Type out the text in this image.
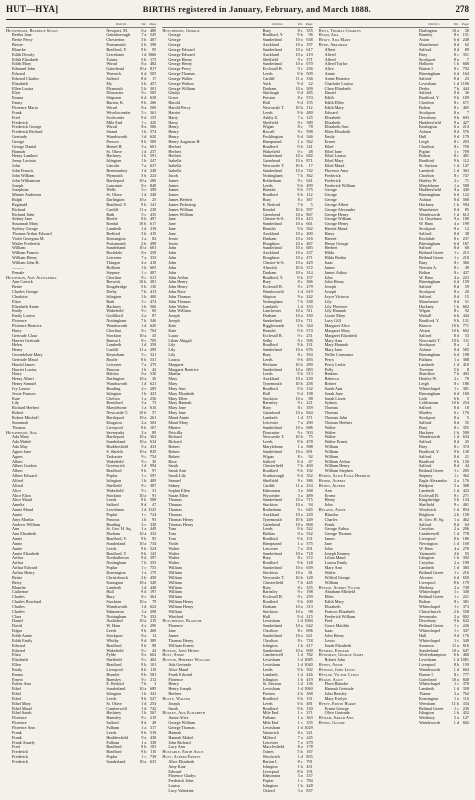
HUT—HYA]	BIRTHS registered in January, February, and March 1888.	278
District.	Vol. Page
Hutchinson, Beatrice Susan	Newport, M.	6 a 486
Bertha Jane	Gainsborough	7 a 545
Bertie Percy	Chesterton	3 b 467
Bessie	Portsmouth	2 b 398
Blanche	Bradford, Y.	9 b	95
Edith Dowdy	Lewisham	1 d 1066
Edith Elizabeth	Totnes	5 b 175
Edith Mary	Wirral	8 a 482
Edmund John	Gateshead	10 a 817
Edward	Warwick	6 d 505
Edward Charles	Salford	8 d	17
Elizabeth	Ely	3 b 457
Ellen Louisa	Plymouth	5 b 301
Elsie	Doncaster	9 c 505
Emma	Shipston	6 d 638
Fanny	Burton, K.	9 b 266
Florence Maria	Wirral	8 a 506
Frank	Wiveliscombe	5 c 361
Fred	Sculcoates	9 d 155
Frederick	Mile End	1 c 420
Frederick George	Wirral	8 a 566
Frederick Richard	Strand	1 b 574
Gertrude	Wandsworth	1 d 620
George	Prescot	8 b 509
George Daniel	Hemel H.	3 a 601
Hannah	St. Olave	1 d 237
Henry Lambert	Hackney	1 b 591
Jenny Lavinia	Islington	1 b 247
John	Lincoln	7 a 637
John Francis	Bermondsey	1 d 248
John William	Plymouth	5 b 224
John Williamson	Hartlepool	10 a 286
Joseph	Lancaster	8 e 848
Josephine	Wells	5 c 398
Minnie Anderson	St. Olave	1 d 248
Ralph	Darlington	10 a	25
Reginald	Bradford, Y.	9 b 141
Richard	Cardiff	11 a 238
Richard John	Bath	5 c 435
Sidney Jane	Bootle	8 b 497
Susannah Mary	Kendal	10 b 617
Sydney George	Lambeth	1 d 318
Thomas Arthur Edward	Bedford	3 b 419
Violet Georgina M.	Kensington	1 a	82
Walter Frederick	Portsmouth	2 b 498
William	Sunderland	10 a 601
William Francis	Rochdale	8 e 258
William Henry	Leicester	7 a 333
William John H.	Thingoe	4 a 418
———	Holborn	1 b 605
Female	Stepney	1 c 407
Hutchison, Amy Alexandra	Chorlton	8 c 611
Ann Carrick	Berwick	10 b 381
Bertie	Kingsbridge	5 b 136
Charles George	Derby	7 b 413
Charlotte	Islington	1 b 400
Eliza	Bath	5 c 474
Elizabeth Annie	Hackney	1 b 566
Emily	Wakefield	9 c	69
Emily Louisa	Guildford	2 a	87
Florence	Nottingham	7 b 346
Florence Beatrice	Wandsworth	1 d 620
Harry	Chorlton	8 c 704
Gertrude Clara	Stockton	10 a	45
Harriet Gertrude	Barton I.	8 c 709
Helen	Lambeth	1 d 358
Henry	Cardiff	11 a 299
Gwendoline Mary	Keynsham	5 c 321
Gertrude Maud	Bootle	8 b 541
Harold James	Leicester	7 a 279
Harriet Louisa	Pancras	1 b	42
Harry	Halifax	9 a 536
Henry Albert	Darlington	10 a	36
Henry Samuel	Wandsworth	1 d 621
Ivy Louise	Reading	2 c 285
Jessie Frances	Islington	1 b 423
Kate	Chelsea	1 a 256
Lily	Brentford	3 a	73
Richard Herbert	Marylebone	1 a 610
Robert	Newcastle T.	10 b	57
Robert Mitchell	Hartlepool	10 a 261
Susannah	Kingston	2 a 302
Thomas	Liverpool	8 b 167
Hutchinson, Ada	Sevenoaks	2 a	89
Ada Mary	Hartlepool	10 a 302
Ada Mabel	Sunderland	10 a 634
Ada May	Huddersfield	9 a 433
Agnes Jane	S. Shields	10 a 829
Agnes	Tadcaster	9 c 754
Albert	Wakefield	9 c	36
Albert Gordon	Greenwich	1 d 994
Albert	Bradford	9 b	97
Albert Edward	Poplar	1 c 597
Alfred	Islington	1 b 409
Alfred	Sheffield	9 c 387
Alice	Wakefield	9 c	31
Alice Eliza	Stockton	10 a	91
Alice Maud	Leeds	9 b 508
Amelia	Salford	8 d	47
Annie Maud	Lewisham	1 d 1125
Annie	Poplar	1 c 724
Amy Martha	Pancras	1 b	93
Andrew William	Reading	2 c 338
Ann	St. Geo. H. Sq.	1 a 449
Ann Elizabeth	Durham	10 a 332
Annie	Bradford, Y.	9 b	95
Annie	Sunderland	10 a 734
Annie	Leeds	9 b 524
Annie Elizabeth	Bradford, Y.	9 b 143
Arthur	Northallerton	9 d 397
Arthur	Nottingham	7 b 355
Arthur Edward	Poplar	1 c 753
Arthur Henry	Kensington	1 a 179
Bertie	Christchurch	2 b 458
Betsy	Easington	10 a 348
Blanche	Lambeth	1 d 448
Catherine	Hull	9 d 197
Charles	Bury	8 c 362
Charles Rowland	Stockton	10 a	79
Charles	Wandsworth	1 d 622
Charles	Edmonton	3 a 298
Clara	Nottingham	7 b 352
Daniel	Auckland	10 a 219
David	W. Ham	4 a 290
Edgar	Leeds	9 b 468
Edith Annie	Stockport	8 a	12
Edith Emily	Whitby	9 d 389
Edward	Bradford	9 b	98
Edward	Wakefield	9 c	42
Eliza	Fylde	8 e 662
Elizabeth	Sheffield	9 c 402
Ellen	Bradford	9 b 101
Emily	Liverpool	8 b 118
Emma	Hunslet	9 b 581
Ernest	Barnsley	9 c 212
Esther Ann	E. Retford	7 b	3
Ethel	Sunderland	10 a 689
Ethel	Islington	1 b 341
Ethel	Leeds	9 b 527
Ethel Mary	St. Olave	1 d 254
Ethel Maud	Camberwell	1 d 742
Ethel Sarah	Hackney	1 b 567
Florence	Barnsley	9 c 219
Florence	Salford	8 d	48
Florence Ann	Fulham	1 a 317
Frank	Leeds	9 b 518
Frank	Huddersfield	9 a 438
Frank Annely	Fulham	1 a 338
Fred	Bradford	9 b 103
Frederick	Bradford	9 b 110
Frederick	Poplar	1 c 738
Frederick	Sunderland	10 a 633
District.	Vol. Page
Hutchinson, George	Bury	8 c 355
George	Bradford, Y.	9 b	96
George	Sunderland	10 a 638
George	Auckland	10 a 197
George Edward	Sunderland	10 a 617
George Edward	Auckland	10 a 219
George Henry	Sheffield	9 c 371
George Henry	Sunderland	10 a 670
George Percy	Ecclesall B.	9 c 256
George Thomas	Leeds	9 b 509
George Walter	Cardiff	11 a 336
George Walton	York	9 d	22
George William	Durham	10 a 309
Gladys	Skirlaugh	9 d 285
Grace	Preston	8 e 574
Harold	Hull	9 d 155
Harold Percy	Newcastle T.	10 b 112
Harriet	Leeds	9 b 480
Harry	Ashby Z.	7 a 125
Harry	Sheffield	9 c 389
Henry	Wigan	8 c	78
Henry	Riccall	9 c 598
Henry	Pocklington	9 d 346
Henry Augustus H.	Hampstead	1 a 562
Herbert	Bradford	9 b 141
Herbert	Wakefield	9 c	48
Herbert	Sunderland	10 a 682
Isabella	Gateshead	10 a 871
Isabella	Newcastle T.	10 b	17
Isabella	Sunderland	10 a 742
Jacob	Nottingham	7 b 362
James	Rotherham	9 c 641
James	Leeds	9 b 499
James	Hunslet	9 b 575
James	Bradford	9 b 112
James Herbert	Bury	8 c 367
James Pickering	E. Retford	7 b	5
James William	Kendal	10 b 597
James William	Gateshead	10 a 867
Jane	Chester-le-S.	10 a 423
Jane	Sunderland	10 a 661
Jane	Hunslet	9 b 562
Jane	Auckland	10 a 200
Jessie	Durham	10 a 316
Jessie	Houghton	10 a 467
John	Sunderland	10 a 683
John	Auckland	10 a 237
John	Houghton	10 a 471
John	Chester-le-S.	10 a 429
John	Alnwick	10 b 372
John	Durham	10 a 314
John Arthur	Bradford, Y.	9 b 157
John Henry	Bury	8 c 366
John Henry	Ecclesall B.	9 c 279
John Rose	Wandsworth	1 d 619
John Thomas	Skipton	9 a 242
John Thomas	Nottingham	7 b 338
John Walter	Lambeth	1 d 353
John William	Lanchester	10 a 511
Joseph	Durham	10 a 330
Joseph	Sunderland	10 a 711
Kate	Biggleswade	3 b 344
Kate	Hunslet	9 b 574
Laura	Ecclesall B.	9 c 251
Lilian Abigail	Selby	9 c 596
Lily	Bradford	9 b 131
Lily	Sunderland	10 a 676
Lily	Bury	8 c 354
Louisa	Leeds	9 b 493
Margaret	Hexham	10 b 289
Margaret Beatrice	Sunderland	10 a 683
Martha	Leeds	9 b 513
Mary	Auckland	10 a 230
Mary	Tynemouth	10 b 258
Mary Ann	Bradford	9 b 132
Mary Elizabeth	Hull	9 d 198
Mary Ellen	Stockton	10 a	88
Mary Hannah	Barnsley	9 c 221
Mary Jane	Bury	8 c 359
Mary Jane	Gateshead	10 a 844
Maud Annie	Lambeth	1 d 371
Maud Mary	Leicester	7 a 290
Minnie	Sunderland	10 a 686
Priscilla	Doncaster	9 c 503
Richard	Newcastle T.	10 b	75
Richard	Leeds	9 b 478
Robert	Marylebone	1 a 588
Robert	Sunderland	10 a 691
Robert	Wigan	8 c	92
Rose	Salford	8 d	47
Sarah	Chesterfield	7 b 469
Sarah Ann	Bradford	9 b 102
Sarah Lily	Scarborough	9 d 352
Samuel	Sheffield	9 c 386
Sidney	Cardiff	11 a 254
Sophia Ellen	Edmonton	3 a 368
Susan Ellen	Wycombe	3 a 489
Thomas	Sunderland	10 a 715
Thomas	Stockton	10 a	94
Thomas	Rotherham	9 c 645
Thomas	Auckland	10 a 229
Thomas Henry	Tynemouth	10 b 249
Thomas Henry	Gateshead	10 a 868
Tom	Leeds	9 b 522
Tom	Halifax	9 a 532
Tom	Bradford	9 b 151
Violet	Hampstead	1 a 575
Walter	Leicester	7 a 291
Walter	Sunderland	10 a 718
Walter	Bury	8 c 372
Walter	Bradford	9 b 128
William	Sunderland	10 a 639
William	Stockton	10 a	81
William	Newcastle T.	10 b 128
William	Chesterfield	7 b 445
William	Bury	8 c 355
William	Barnsley	9 c 198
William	Ecclesall B.	9 c 259
William Henry	Bradford	9 b 100
William Henry	Durham	10 a 313
William	Stockton	10 a	98
Winifred	Hull	9 d 215
Hutchinson, Blanche	Lewisham	1 d 1084
Florence	Sunderland	10 a 642
Jane	Chorlton	8 c 696
James	Sunderland	10 a 621
Thomas Henry	Chorlton	8 c 718
William Ernest	Islington	1 b 417
Hutson, John Henry	Sunderland	10 a 690
Hutt, Annie	Camberwell	1 d 782
Hutton, Herbert William	Lewisham	1 d 1085
Ada Gertrude	Lewisham	1 d 1040
Alice Maud	Leeds	9 b 502
Frank Edward	Lambeth	1 d 426
Florence	Islington	1 b 419
Henry	St. Saviour	1 d 136
Henry Joseph	Lewisham	1 d 1060
Herbert	Portsea	2 b 368
Hutty, Walter	Bradford	9 b 151
Joseph	Leeds	9 b 481
Sarah	Bradford	9 b 130
Huxley, Ada Elizabeth	Mile End	1 c 371
Annie Alice	Fulham	1 a 363
George William	Mile End	1 c 335
George Thomas	Lewisham	1 d 1029
Hannah	Nantwich	8 a 321
Hannah Mabel	Milford	7 a 245
John Richard	Leicester	7 a 279
Lucy Ann	Macclesfield	8 a 178
Huxtable, Edith Alice	Totnes	5 b 167
Hutt, Alfred Ernest	Woolwich	1 d 855
Alice Elizabeth	Barton I.	8 c 791
Amy Kate	Islington	1 b 451
Edward	Liverpool	8 b 191
Florence Gladys	Edmonton	3 a 337
Frederick John	Poplar	1 c 784
Louisa	Islington	1 b 428
Lucy Valentine	Oxford	3 a 837
District.	Vol. Page
Huyt, Thomas Charles	Darlington	10 a	30
Hyam, Ada	Burnley	8 e 151
Hyatt, Ada Mary	Aston	6 d 248
Hyde, Abraham	Manchester	8 d	62
Albert	Salford	8 d	89
Alfred	Bury	8 c 351
Alfred	Stockport	8 a	7
Alfred Taylor	Holborn	1 b 668
Alice	Barton I.	8 c 792
Annie	Birmingham	6 d 164
Annie Beatrice	Salford	8 d	23
Charlotte Louisa	Lewisham	1 d 1106
Clara Elizabeth	Derby	7 b 444
Daniel	Salford	8 d	36
Edith	Bradford, Y.	9 b 109
Edith Ellen	Chorlton	8 c 671
Edith Mary	Bolton	8 c 405
Edward	Stockport	8 a	7
Elizabeth	Dewsbury	9 b 693
Elizabeth	Huddersfield	9 a 427
Elizabeth Ann	Eastington	6 a 214
Ellen Elizabeth	Ashton	8 d 576
Emily	Hull	9 d 179
Ernest	Leigh	8 c 203
Ethel	Chorlton	8 c 750
Ethel Jane	Poplar	1 c 709
Ethel Louisa	Bolton	8 c 401
Ethel Mary	Bradford	9 b 112
Ethel Maud	St. Saviour	1 d 147
Florence Amy	Lambeth	1 d 363
Frederick	Chorlton	8 c 747
Frederick	Hartley W.	2 c	71
Frederick William	Marylebone	1 a 580
George	Huddersfield	9 a 440
George	Birmingham	6 d 122
George	Ashton	8 d 568
George Albert	Hackney	1 b 594
George Alexander	Manchester	8 d	85
George Henry	Wandsworth	1 d 612
George William	Gt. Ouseburn	9 a 180
George Henry	W. Ham	4 a 199
Harriet Maud	Stockport	8 a	12
Harry	Salford	8 d	38
Harriet	Rochdale	8 e 237
Henry George	Birmingham	6 d 167
Herbert	Salford	8 d	60
Hilda	Bethnal Green	1 c 213
Hilda Bertha	Bethnal Green	1 c 218
Isaac	Bury	8 c 366
James	Newton A.	8 c	49
James Arthur	Bolton	8 c 437
John	W. Ham	4 a 223
John Henry	Birmingham	6 d 159
Joseph	Salford	8 d	59
Joseph	Stockport	8 a	20
Joyce Victoria	Salford	8 d	15
Lily	Manchester	8 d	51
Lily Florence	Hackney	1 b 602
Lily Hannah	Wigan	8 c	92
Lizzie Mary	Walsall	6 b 444
Lucy Gill	Bradford, Y.	9 b 131
Margaret Alice	Barrow	10 b 771
Margaret Mary	Alston	10 b 602
Margaret Elizabeth	Salford	8 d	53
Mary Ann	Newcastle T.	10 b 111
Mary Hannah	Stockport	8 a	2
Mary Jane	Ashton	8 d 585
Nellie Constance	Birmingham	6 d 198
Percy	Fulham	1 a 308
Percy Leslie	Lambeth	1 d 410
Polly	Tiverton	5 b	8
Reuben	Shardlow	7 b 403
Rebecca	Hartley W.	2 c	70
Robert	Leigh	8 c 186
Sarah Ann	Whitechapel	1 c 381
Sarah Jane	Birmingham	6 d 160
Sarah Lizzie	Leek	6 b	5
Sydney	Coldstream	10 b 254
Thomas	Salford	8 d	18
Thomas	Martley	6 c 176
Thomas John	Stockport	8 a	5
Thomas Herbert	Salford	8 d	35
Walter	Bury	8 c 355
Walter	Hackney	1 b 590
Walter	Wandsworth	1 d 634
Walter Ernest	Salford	8 d	45
William	Bury	8 c 374
William	Bradford, Y.	9 b 130
William	Salford	8 d	21
William Arthur	Bradford	9 b 130
William Henry	Salford	8 d	44
William Stephen	Bethnal Green	1 c 205
Hyden, Alice Eliza Hemblin	Stepney	1 c 362
Hyder, Albert	Eagle Alexandra	2 a 176
Hydes, Alfred	Bridport	5 a 308
Ann	Lambeth	1 d 423
Ernest	Ecclesall B.	9 c 271
Henry	Kingsbridge	5 b 134
John	Sheffield	9 c 401
Hyland, Annie	Woolwich	1 d 854
Blanche	Brighton	2 b 158
Charles	St. Geo. H. Sq.	1 a 462
Frank	Salford	8 d	64
George Arthur	Croydon	2 a 206
George Thomas	Camberwell	1 d 778
James	Liverpool	8 b 186
Jane	Newington	1 d 169
John	W. Ham	4 a 270
Joseph Kenney	Yarmouth	4 b	55
Lilian Maud	Islington	1 b 392
Louisa Emily	Croydon	2 a 199
Mary Ann	Lambeth	1 d 383
Walter	Bethnal Green	1 c 216
Wilfrid George	Alcester	6 d 650
William	Liverpool	8 b 179
Hyman, Albert Victor	Medway	2 a 749
Abraham Mitfield	Whitechapel	1 c 340
Ellen	Bethnal Green	1 c 221
Edith Mary	Bolton	8 c 381
Elizabeth	Whitechapel	1 c 373
Frances Elizabeth	Christchurch	2 b 558
Frederick William	Sevenoaks	2 a 802
Fred	Dewsbury	9 b 632
Grace Matilda	Bethnal Green	1 c 226
Isaac	Whitechapel	1 c 347
John Henry	Hull	9 d 176
Lewis	Whitechapel	1 c 349
Sarah Elizabeth	Swansea	11 a 616
Hymers, Edward	Sunderland	10 a 647
Hyndman, George James	Wolverhampton	6 b 460
Robert John	Lewisham	1 d 1081
Hynes, Annie	Liverpool	8 b 159
Hynson, John Lewis	Wandsworth	1 d 604
Hyslop, Victor Cyrus	Barton I.	8 c 777
Hyams, Alice	Gateshead	10 a 840
Flora Blanche	Whitechapel	1 c 378
Hannah Gertrude	Lambeth	1 d 358
John Beasley	Thame	3 a 762
Mary Evelyn	Kensington	1 a 116
Hyett, Edwin Harry	Wrexham	11 b 334
Ernest George	Bethnal Green	1 c 236
Olive Gertrude	Islington	1 b 452
Hynam, Sarah Ann	Westbury	5 a 127
Hynes, Goldie	Wandsworth	1 d 602
